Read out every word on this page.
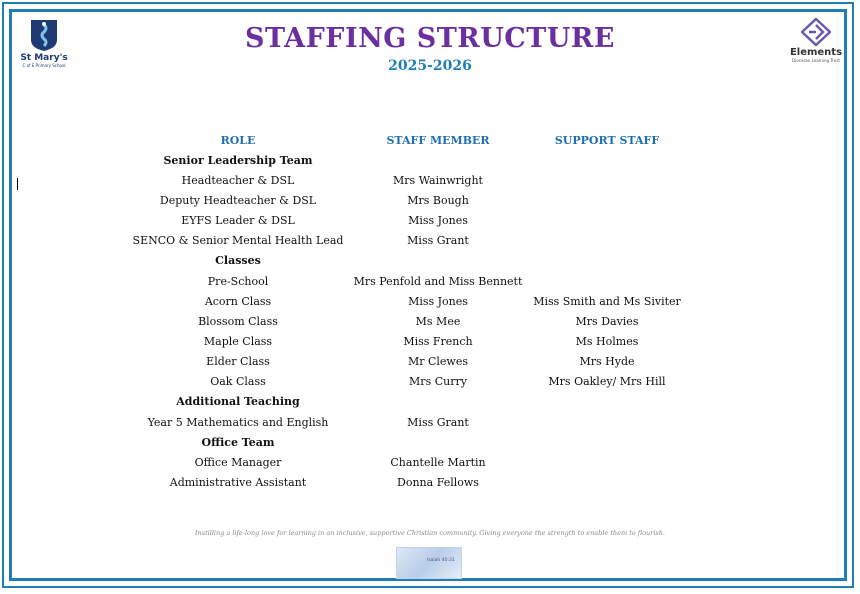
St Mary's
C of E Primary School
Elements
Diocesan Learning Trust
STAFFING STRUCTURE
2025-2026
ROLE	STAFF MEMBER	SUPPORT STAFF
Senior Leadership Team		
Headteacher & DSL	Mrs Wainwright	
Deputy Headteacher & DSL	Mrs Bough	
EYFS Leader & DSL	Miss Jones	
SENCO & Senior Mental Health Lead	Miss Grant	
Classes		
Pre-School	Mrs Penfold and Miss Bennett	
Acorn Class	Miss Jones	Miss Smith and Ms Siviter
Blossom Class	Ms Mee	Mrs Davies
Maple Class	Miss French	Ms Holmes
Elder Class	Mr Clewes	Mrs Hyde
Oak Class	Mrs Curry	Mrs Oakley/ Mrs Hill
Additional Teaching		
Year 5 Mathematics and English	Miss Grant	
Office Team		
Office Manager	Chantelle Martin	
Administrative Assistant	Donna Fellows	
Instilling a life-long love for learning in an inclusive, supportive Christian community. Giving everyone the strength to enable them to flourish.
Isaiah 40:31
